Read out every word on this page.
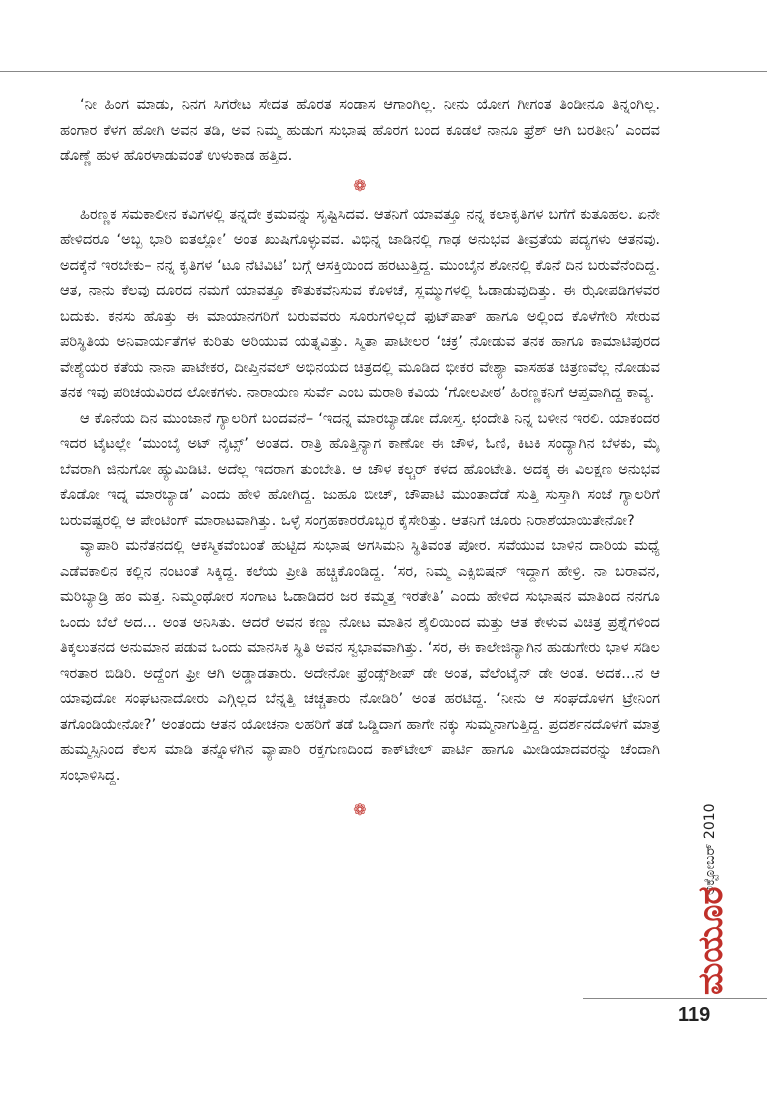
‘ನೀ ಹಿಂಗ ಮಾಡು, ನಿನಗ ಸಿಗರೇಟ ಸೇದತ ಹೊರತ ಸಂಡಾಸ ಆಗಾಂಗಿಲ್ಲ. ನೀನು ಯೋಗ ಗೀಗಂತ ತಿಂಡೀನೂ ತಿನ್ನಂಗಿಲ್ಲ. ಹಂಗಾರ ಕೆಳಗ ಹೋಗಿ ಅವನ ತಡಿ, ಅವ ನಿಮ್ಮ ಹುಡುಗ ಸುಭಾಷ ಹೊರಗ ಬಂದ ಕೂಡಲೆ ನಾನೂ ಫ್ರೆಶ್ ಆಗಿ ಬರತೀನಿ’ ಎಂದವ ಡೊಣ್ಣೆ ಹುಳ ಹೊರಳಾಡುವಂತೆ ಉಳುಕಾಡ ಹತ್ತಿದ.

❁

ಹಿರಣ್ಣಕ ಸಮಕಾಲೀನ ಕವಿಗಳಲ್ಲಿ ತನ್ನದೇ ಕ್ರಮವನ್ನು ಸೃಷ್ಟಿಸಿದವ. ಆತನಿಗೆ ಯಾವತ್ತೂ ನನ್ನ ಕಲಾಕೃತಿಗಳ ಬಗೆಗೆ ಕುತೂಹಲ. ಏನೇ ಹೇಳಿದರೂ ‘ಅಬ್ಬ ಭಾರಿ ಐತಲ್ಲೋ’ ಅಂತ ಖುಷಿಗೊಳ್ಳುವವ. ವಿಭಿನ್ನ ಜಾಡಿನಲ್ಲಿ ಗಾಢ ಅನುಭವ ತೀವ್ರತೆಯ ಪದ್ಯಗಳು ಆತನವು. ಅದಕ್ಕೆನೆ ಇರಬೇಕು– ನನ್ನ ಕೃತಿಗಳ ‘ಟೂ ನೆಟಿವಿಟಿ’ ಬಗ್ಗೆ ಆಸಕ್ತಿಯಿಂದ ಹರಟುತ್ತಿದ್ದ. ಮುಂಬೈನ ಶೋನಲ್ಲಿ ಕೊನೆ ದಿನ ಬರುವೆನೆಂದಿದ್ದ. ಆತ, ನಾನು ಕೆಲವು ದೂರದ ನಮಗೆ ಯಾವತ್ತೂ ಕೌತುಕವೆನಿಸುವ ಕೊಳಚೆ, ಸ್ಲಮ್ಮುಗಳಲ್ಲಿ ಓಡಾಡುವುದಿತ್ತು. ಈ ಝೋಪಡಿಗಳವರ ಬದುಕು. ಕನಸು ಹೊತ್ತು ಈ ಮಾಯಾನಗರಿಗೆ ಬರುವವರು ಸೂರುಗಳಿಲ್ಲದೆ ಫುಟ್‌ಪಾತ್ ಹಾಗೂ ಅಲ್ಲಿಂದ ಕೊಳೆಗೇರಿ ಸೇರುವ ಪರಿಸ್ಥಿತಿಯ ಅನಿವಾರ್ಯತೆಗಳ ಕುರಿತು ಅರಿಯುವ ಯತ್ನವಿತ್ತು. ಸ್ಮಿತಾ ಪಾಟೀಲರ ‘ಚಕ್ರ’ ನೋಡುವ ತನಕ ಹಾಗೂ ಕಾಮಾಟಿಪುರದ ವೇಶ್ಯೆಯರ ಕತೆಯ ನಾನಾ ಪಾಟೇಕರ, ದೀಪ್ತಿನವಲ್ ಅಭಿನಯದ ಚಿತ್ರದಲ್ಲಿ ಮೂಡಿದ ಭೀಕರ ವೇಶ್ಯಾ ವಾಸಹತ ಚಿತ್ರಣವೆಲ್ಲ ನೋಡುವ ತನಕ ಇವು ಪರಿಚಯವಿರದ ಲೋಕಗಳು. ನಾರಾಯಣ ಸುರ್ವೆ ಎಂಬ ಮರಾಠಿ ಕವಿಯ ‘ಗೋಲಪೀಠ’ ಹಿರಣ್ಣಕನಿಗೆ ಆಪ್ತವಾಗಿದ್ದ ಕಾವ್ಯ.

ಆ ಕೊನೆಯ ದಿನ ಮುಂಜಾನೆ ಗ್ಯಾಲರಿಗೆ ಬಂದವನೆ– ‘ಇದನ್ನ ಮಾರಬ್ಯಾಡೋ ದೋಸ್ತ. ಛಂದೇತಿ ನಿನ್ನ ಬಳೀನ ಇರಲಿ. ಯಾಕಂದರ ಇದರ ಟೈಟಲ್ಲೇ ‘ಮುಂಬೈ ಅಟ್ ನೈಟ್ಸ್’ ಅಂತದ. ರಾತ್ರಿ ಹೊತ್ತಿನ್ಯಾಗ ಕಾಣೋ ಈ ಚೌಳ, ಓಣಿ, ಕಿಟಕಿ ಸಂದ್ಯಾಗಿನ ಬೆಳಕು, ಮೈ ಬೆವರಾಗಿ ಜಿನುಗೋ ಹ್ಯುಮಿಡಿಟಿ. ಅದೆಲ್ಲ ಇದರಾಗ ತುಂಬೇತಿ. ಆ ಚೌಳ ಕಲ್ಚರ್ ಕಳದ ಹೊಂಟೇತಿ. ಅದಕ್ಕ ಈ ವಿಲಕ್ಷಣ ಅನುಭವ ಕೊಡೋ ಇದ್ನ ಮಾರಬ್ಯಾಡ’ ಎಂದು ಹೇಳಿ ಹೋಗಿದ್ದ. ಜುಹೂ ಬೀಚ್, ಚೌಪಾಟಿ ಮುಂತಾದೆಡೆ ಸುತ್ತಿ ಸುಸ್ತಾಗಿ ಸಂಜೆ ಗ್ಯಾಲರಿಗೆ ಬರುವಷ್ಟರಲ್ಲಿ ಆ ಪೇಂಟಿಂಗ್ ಮಾರಾಟವಾಗಿತ್ತು. ಒಳ್ಳೆ ಸಂಗ್ರಹಕಾರರೊಬ್ಬರ ಕೈಸೇರಿತ್ತು. ಆತನಿಗೆ ಚೂರು ನಿರಾಶೆಯಾಯಿತೇನೋ?

ವ್ಯಾಪಾರಿ ಮನೆತನದಲ್ಲಿ ಆಕಸ್ಮಿಕವೆಂಬಂತೆ ಹುಟ್ಟಿದ ಸುಭಾಷ ಅಗಸಿಮನಿ ಸ್ಥಿತಿವಂತ ಪೋರ. ಸವೆಯುವ ಬಾಳಿನ ದಾರಿಯ ಮಧ್ಯೆ ಎಡೆವಕಾಲಿನ ಕಲ್ಲಿನ ನಂಟಂತೆ ಸಿಕ್ಕಿದ್ದ. ಕಲೆಯ ಪ್ರೀತಿ ಹಚ್ಚಿಕೊಂಡಿದ್ದ. ‘ಸರ, ನಿಮ್ಮ ಎಕ್ಸಿಬಿಷನ್ ಇದ್ದಾಗ ಹೇಳ್ರಿ. ನಾ ಬರಾವನ, ಮರಿಬ್ಯಾಡ್ರಿ ಹಂ ಮತ್ತ. ನಿಮ್ಮಂಥೋರ ಸಂಗಾಟ ಓಡಾಡಿದರ ಜರ ಕಮ್ಮತ್ತ ಇರತೇತಿ’ ಎಂದು ಹೇಳಿದ ಸುಭಾಷನ ಮಾತಿಂದ ನನಗೂ ಒಂದು ಬೆಲೆ ಅದ... ಅಂತ ಅನಿಸಿತು. ಆದರೆ ಅವನ ಕಣ್ಣು ನೋಟ ಮಾತಿನ ಶೈಲಿಯಿಂದ ಮತ್ತು ಆತ ಕೇಳುವ ವಿಚಿತ್ರ ಪ್ರಶ್ನೆಗಳಿಂದ ತಿಕ್ಕಲುತನದ ಅನುಮಾನ ಪಡುವ ಒಂದು ಮಾನಸಿಕ ಸ್ಥಿತಿ ಅವನ ಸ್ವಭಾವವಾಗಿತ್ತು. ‘ಸರ, ಈ ಕಾಲೇಜಿನ್ಯಾಗಿನ ಹುಡುಗೇರು ಭಾಳ ಸಡಿಲ ಇರತಾರ ಬಿಡಿರಿ. ಅದ್ದೆಂಗ ಫ್ರೀ ಆಗಿ ಅಡ್ಡಾಡತಾರು. ಅದೇನೋ ಫ್ರೆಂಡ್ಸ್‌ಶೀಪ್ ಡೇ ಅಂತ, ವೆಲೆಂಟೈನ್ ಡೇ ಅಂತ. ಅದಕ...ನ ಆ ಯಾವುದೋ ಸಂಘಟನಾದೋರು ಎಗ್ಗಿಲ್ಲದ ಬೆನ್ನತ್ತಿ ಚಚ್ಚತಾರು ನೋಡಿರಿ’ ಅಂತ ಹರಟಿದ್ದ. ‘ನೀನು ಆ ಸಂಘದೊಳಗ ಟ್ರೇನಿಂಗ ತಗೊಂಡಿಯೇನೋ?’ ಅಂತಂದು ಆತನ ಯೋಚನಾ ಲಹರಿಗೆ ತಡೆ ಒಡ್ಡಿದಾಗ ಹಾಗೇ ನಕ್ಕು ಸುಮ್ಮನಾಗುತ್ತಿದ್ದ. ಪ್ರದರ್ಶನದೊಳಗೆ ಮಾತ್ರ ಹುಮ್ಮಸ್ಸಿನಿಂದ ಕೆಲಸ ಮಾಡಿ ತನ್ನೊಳಗಿನ ವ್ಯಾಪಾರಿ ರಕ್ತಗುಣದಿಂದ ಕಾಕ್‌ಟೇಲ್ ಪಾರ್ಟಿ ಹಾಗೂ ಮೀಡಿಯಾದವರನ್ನು ಚೆಂದಾಗಿ ಸಂಭಾಳಿಸಿದ್ದ.

❁	ಅಕ್ಟೋಬರ್ 2010
ಮಯೂರ
119
